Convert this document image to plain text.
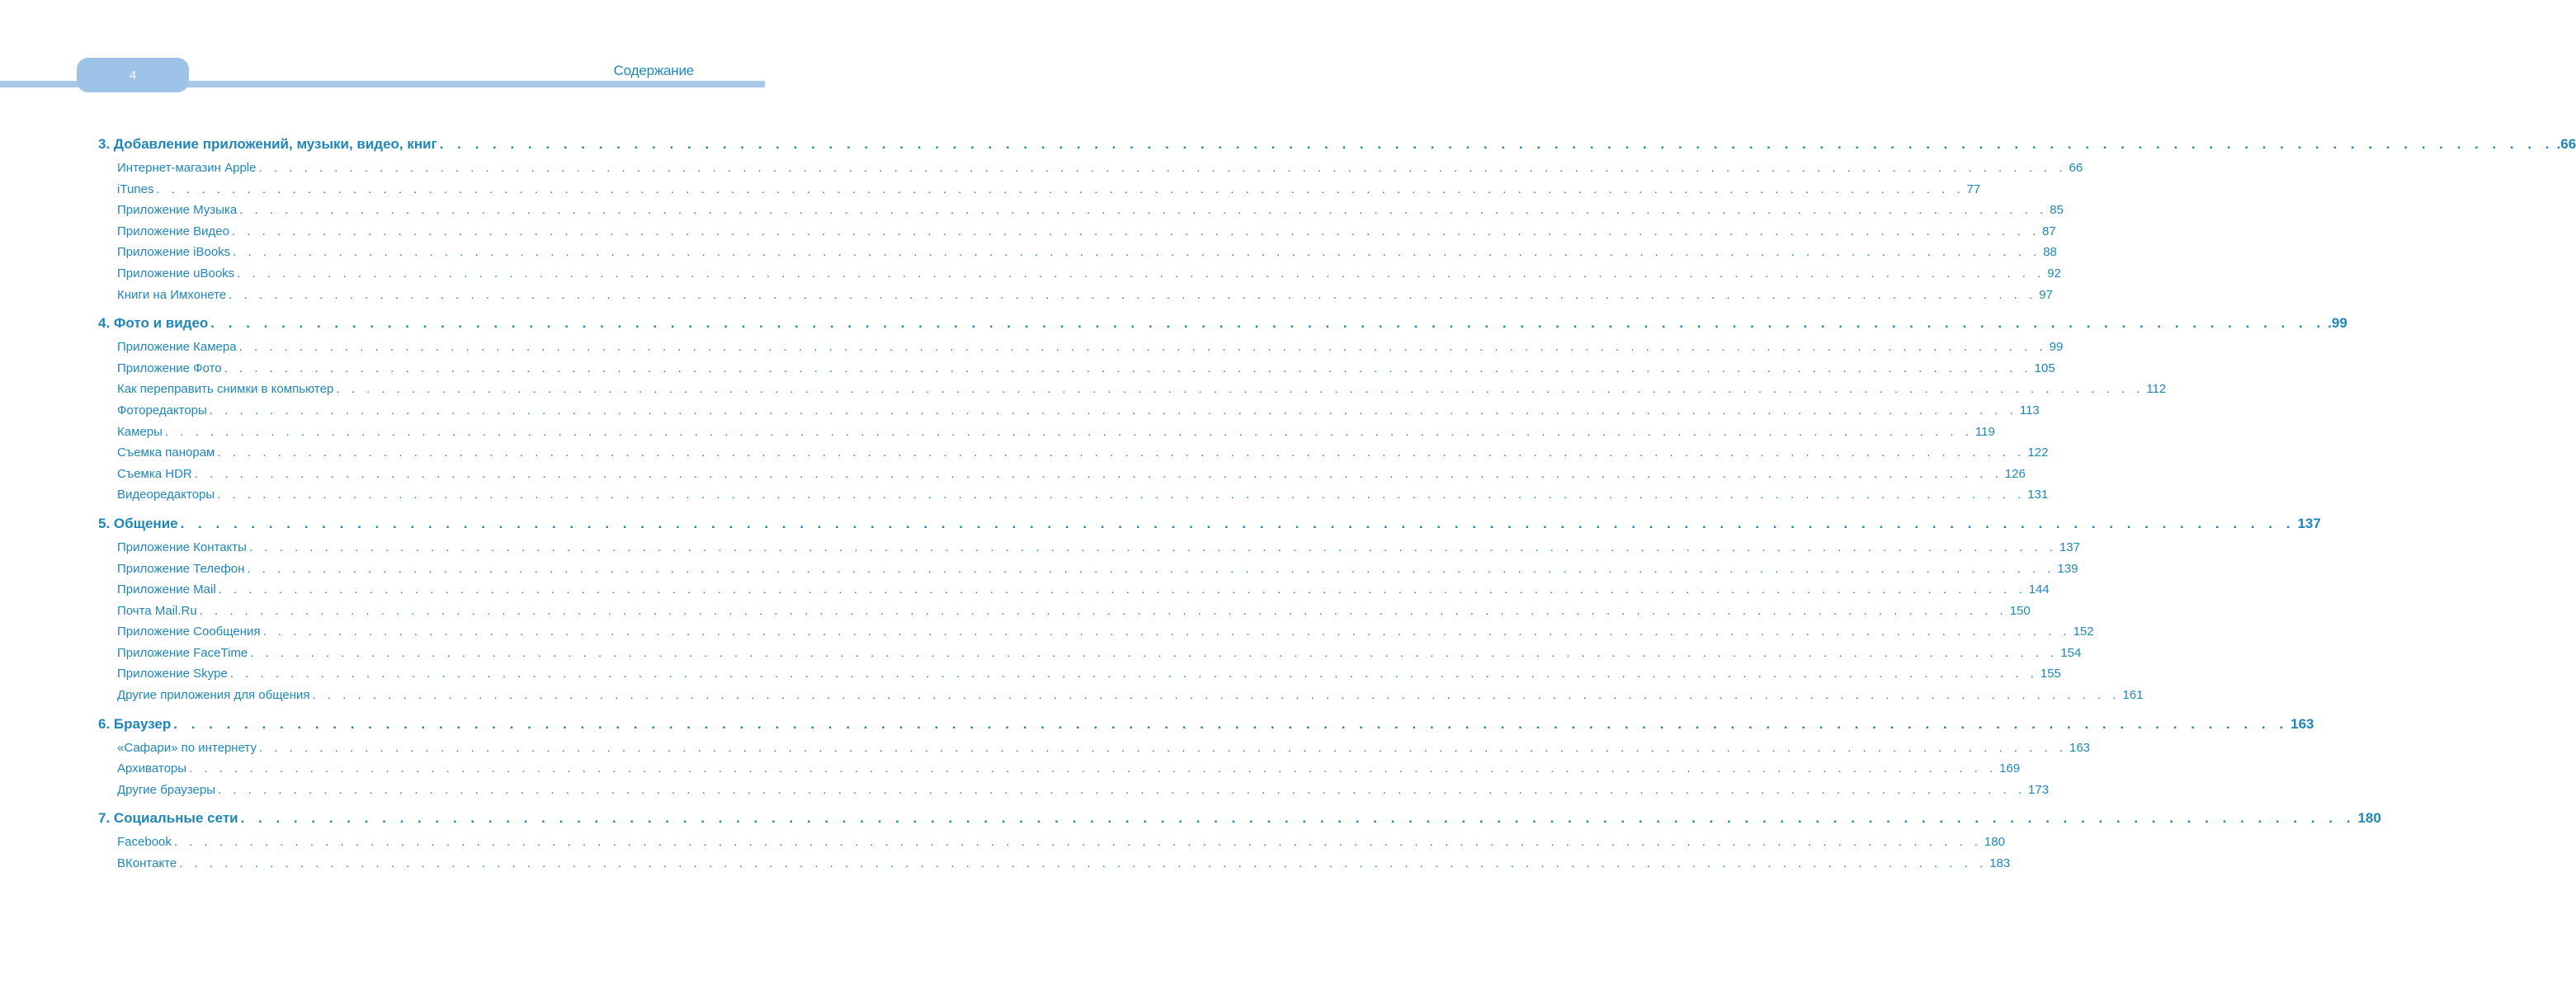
4	Содержание
3. Добавление приложений, музыки, видео, книг . . . . . . . . . . . . . . . . . . . . . . . . . . . . . . . . . . . . . . . . . . . . . . . . . . . . . . . . . . . . . . . . . . . . . . . . . . . . . . . . . . . . . . . . . . . . . . . . . . . . . . . . . . . . . . . . . . . . . . . . .66
Интернет-магазин Apple . . . . . . . . . . . . . . . . . . . . . . . . . . . . . . . . . . . . . . . . . . . . . . . . . . . . . . . . . . . . . . . . . . . . . . . . . . . . . . . . . . . . . . . . . . . . . . . . . . . . . . . . . . . . . . . . . . . . . . . . 66
iTunes . . . . . . . . . . . . . . . . . . . . . . . . . . . . . . . . . . . . . . . . . . . . . . . . . . . . . . . . . . . . . . . . . . . . . . . . . . . . . . . . . . . . . . . . . . . . . . . . . . . . . . . . . . . . . . . . . . . . . . . . 77
Приложение Музыка . . . . . . . . . . . . . . . . . . . . . . . . . . . . . . . . . . . . . . . . . . . . . . . . . . . . . . . . . . . . . . . . . . . . . . . . . . . . . . . . . . . . . . . . . . . . . . . . . . . . . . . . . . . . . . . . . . . . . . . . 85
Приложение Видео . . . . . . . . . . . . . . . . . . . . . . . . . . . . . . . . . . . . . . . . . . . . . . . . . . . . . . . . . . . . . . . . . . . . . . . . . . . . . . . . . . . . . . . . . . . . . . . . . . . . . . . . . . . . . . . . . . . . . . . . 87
Приложение iBooks . . . . . . . . . . . . . . . . . . . . . . . . . . . . . . . . . . . . . . . . . . . . . . . . . . . . . . . . . . . . . . . . . . . . . . . . . . . . . . . . . . . . . . . . . . . . . . . . . . . . . . . . . . . . . . . . . . . . . . . . 88
Приложение uBooks . . . . . . . . . . . . . . . . . . . . . . . . . . . . . . . . . . . . . . . . . . . . . . . . . . . . . . . . . . . . . . . . . . . . . . . . . . . . . . . . . . . . . . . . . . . . . . . . . . . . . . . . . . . . . . . . . . . . . . . . 92
Книги на Имхонете . . . . . . . . . . . . . . . . . . . . . . . . . . . . . . . . . . . . . . . . . . . . . . . . . . . . . . . . . . . . . . . . . . . . . . . . . . . . . . . . . . . . . . . . . . . . . . . . . . . . . . . . . . . . . . . . . . . . . . . . 97
4. Фото и видео . . . . . . . . . . . . . . . . . . . . . . . . . . . . . . . . . . . . . . . . . . . . . . . . . . . . . . . . . . . . . . . . . . . . . . . . . . . . . . . . . . . . . . . . . . . . . . . . . . . . . . . . . . . . . . . . . . . . . . . . .99
Приложение Камера . . . . . . . . . . . . . . . . . . . . . . . . . . . . . . . . . . . . . . . . . . . . . . . . . . . . . . . . . . . . . . . . . . . . . . . . . . . . . . . . . . . . . . . . . . . . . . . . . . . . . . . . . . . . . . . . . . . . . . . . 99
Приложение Фото . . . . . . . . . . . . . . . . . . . . . . . . . . . . . . . . . . . . . . . . . . . . . . . . . . . . . . . . . . . . . . . . . . . . . . . . . . . . . . . . . . . . . . . . . . . . . . . . . . . . . . . . . . . . . . . . . . . . . . . . 105
Как переправить снимки в компьютер . . . . . . . . . . . . . . . . . . . . . . . . . . . . . . . . . . . . . . . . . . . . . . . . . . . . . . . . . . . . . . . . . . . . . . . . . . . . . . . . . . . . . . . . . . . . . . . . . . . . . . . . . . . . . . . . . . . . . . . . 112
Фоторедакторы . . . . . . . . . . . . . . . . . . . . . . . . . . . . . . . . . . . . . . . . . . . . . . . . . . . . . . . . . . . . . . . . . . . . . . . . . . . . . . . . . . . . . . . . . . . . . . . . . . . . . . . . . . . . . . . . . . . . . . . . 113
Камеры . . . . . . . . . . . . . . . . . . . . . . . . . . . . . . . . . . . . . . . . . . . . . . . . . . . . . . . . . . . . . . . . . . . . . . . . . . . . . . . . . . . . . . . . . . . . . . . . . . . . . . . . . . . . . . . . . . . . . . . . 119
Съемка панорам . . . . . . . . . . . . . . . . . . . . . . . . . . . . . . . . . . . . . . . . . . . . . . . . . . . . . . . . . . . . . . . . . . . . . . . . . . . . . . . . . . . . . . . . . . . . . . . . . . . . . . . . . . . . . . . . . . . . . . . . 122
Съемка HDR . . . . . . . . . . . . . . . . . . . . . . . . . . . . . . . . . . . . . . . . . . . . . . . . . . . . . . . . . . . . . . . . . . . . . . . . . . . . . . . . . . . . . . . . . . . . . . . . . . . . . . . . . . . . . . . . . . . . . . . . 126
Видеоредакторы . . . . . . . . . . . . . . . . . . . . . . . . . . . . . . . . . . . . . . . . . . . . . . . . . . . . . . . . . . . . . . . . . . . . . . . . . . . . . . . . . . . . . . . . . . . . . . . . . . . . . . . . . . . . . . . . . . . . . . . . 131
5. Общение . . . . . . . . . . . . . . . . . . . . . . . . . . . . . . . . . . . . . . . . . . . . . . . . . . . . . . . . . . . . . . . . . . . . . . . . . . . . . . . . . . . . . . . . . . . . . . . . . . . . . . . . . . . . . . . . . . . . . . . . 137
Приложение Контакты . . . . . . . . . . . . . . . . . . . . . . . . . . . . . . . . . . . . . . . . . . . . . . . . . . . . . . . . . . . . . . . . . . . . . . . . . . . . . . . . . . . . . . . . . . . . . . . . . . . . . . . . . . . . . . . . . . . . . . . . 137
Приложение Телефон . . . . . . . . . . . . . . . . . . . . . . . . . . . . . . . . . . . . . . . . . . . . . . . . . . . . . . . . . . . . . . . . . . . . . . . . . . . . . . . . . . . . . . . . . . . . . . . . . . . . . . . . . . . . . . . . . . . . . . . . 139
Приложение Mail . . . . . . . . . . . . . . . . . . . . . . . . . . . . . . . . . . . . . . . . . . . . . . . . . . . . . . . . . . . . . . . . . . . . . . . . . . . . . . . . . . . . . . . . . . . . . . . . . . . . . . . . . . . . . . . . . . . . . . . . 144
Почта Mail.Ru . . . . . . . . . . . . . . . . . . . . . . . . . . . . . . . . . . . . . . . . . . . . . . . . . . . . . . . . . . . . . . . . . . . . . . . . . . . . . . . . . . . . . . . . . . . . . . . . . . . . . . . . . . . . . . . . . . . . . . . . 150
Приложение Сообщения . . . . . . . . . . . . . . . . . . . . . . . . . . . . . . . . . . . . . . . . . . . . . . . . . . . . . . . . . . . . . . . . . . . . . . . . . . . . . . . . . . . . . . . . . . . . . . . . . . . . . . . . . . . . . . . . . . . . . . . . 152
Приложение FaceTime . . . . . . . . . . . . . . . . . . . . . . . . . . . . . . . . . . . . . . . . . . . . . . . . . . . . . . . . . . . . . . . . . . . . . . . . . . . . . . . . . . . . . . . . . . . . . . . . . . . . . . . . . . . . . . . . . . . . . . . . 154
Приложение Skype . . . . . . . . . . . . . . . . . . . . . . . . . . . . . . . . . . . . . . . . . . . . . . . . . . . . . . . . . . . . . . . . . . . . . . . . . . . . . . . . . . . . . . . . . . . . . . . . . . . . . . . . . . . . . . . . . . . . . . . . 155
Другие приложения для общения . . . . . . . . . . . . . . . . . . . . . . . . . . . . . . . . . . . . . . . . . . . . . . . . . . . . . . . . . . . . . . . . . . . . . . . . . . . . . . . . . . . . . . . . . . . . . . . . . . . . . . . . . . . . . . . . . . . . . . . . 161
6. Браузер . . . . . . . . . . . . . . . . . . . . . . . . . . . . . . . . . . . . . . . . . . . . . . . . . . . . . . . . . . . . . . . . . . . . . . . . . . . . . . . . . . . . . . . . . . . . . . . . . . . . . . . . . . . . . . . . . . . . . . . . 163
«Сафари» по интернету . . . . . . . . . . . . . . . . . . . . . . . . . . . . . . . . . . . . . . . . . . . . . . . . . . . . . . . . . . . . . . . . . . . . . . . . . . . . . . . . . . . . . . . . . . . . . . . . . . . . . . . . . . . . . . . . . . . . . . . . 163
Архиваторы . . . . . . . . . . . . . . . . . . . . . . . . . . . . . . . . . . . . . . . . . . . . . . . . . . . . . . . . . . . . . . . . . . . . . . . . . . . . . . . . . . . . . . . . . . . . . . . . . . . . . . . . . . . . . . . . . . . . . . . . 169
Другие браузеры . . . . . . . . . . . . . . . . . . . . . . . . . . . . . . . . . . . . . . . . . . . . . . . . . . . . . . . . . . . . . . . . . . . . . . . . . . . . . . . . . . . . . . . . . . . . . . . . . . . . . . . . . . . . . . . . . . . . . . . . 173
7. Социальные сети . . . . . . . . . . . . . . . . . . . . . . . . . . . . . . . . . . . . . . . . . . . . . . . . . . . . . . . . . . . . . . . . . . . . . . . . . . . . . . . . . . . . . . . . . . . . . . . . . . . . . . . . . . . . . . . . . . . . . . . . 180
Facebook . . . . . . . . . . . . . . . . . . . . . . . . . . . . . . . . . . . . . . . . . . . . . . . . . . . . . . . . . . . . . . . . . . . . . . . . . . . . . . . . . . . . . . . . . . . . . . . . . . . . . . . . . . . . . . . . . . . . . . . . 180
ВКонтакте . . . . . . . . . . . . . . . . . . . . . . . . . . . . . . . . . . . . . . . . . . . . . . . . . . . . . . . . . . . . . . . . . . . . . . . . . . . . . . . . . . . . . . . . . . . . . . . . . . . . . . . . . . . . . . . . . . . . . . . . 183
